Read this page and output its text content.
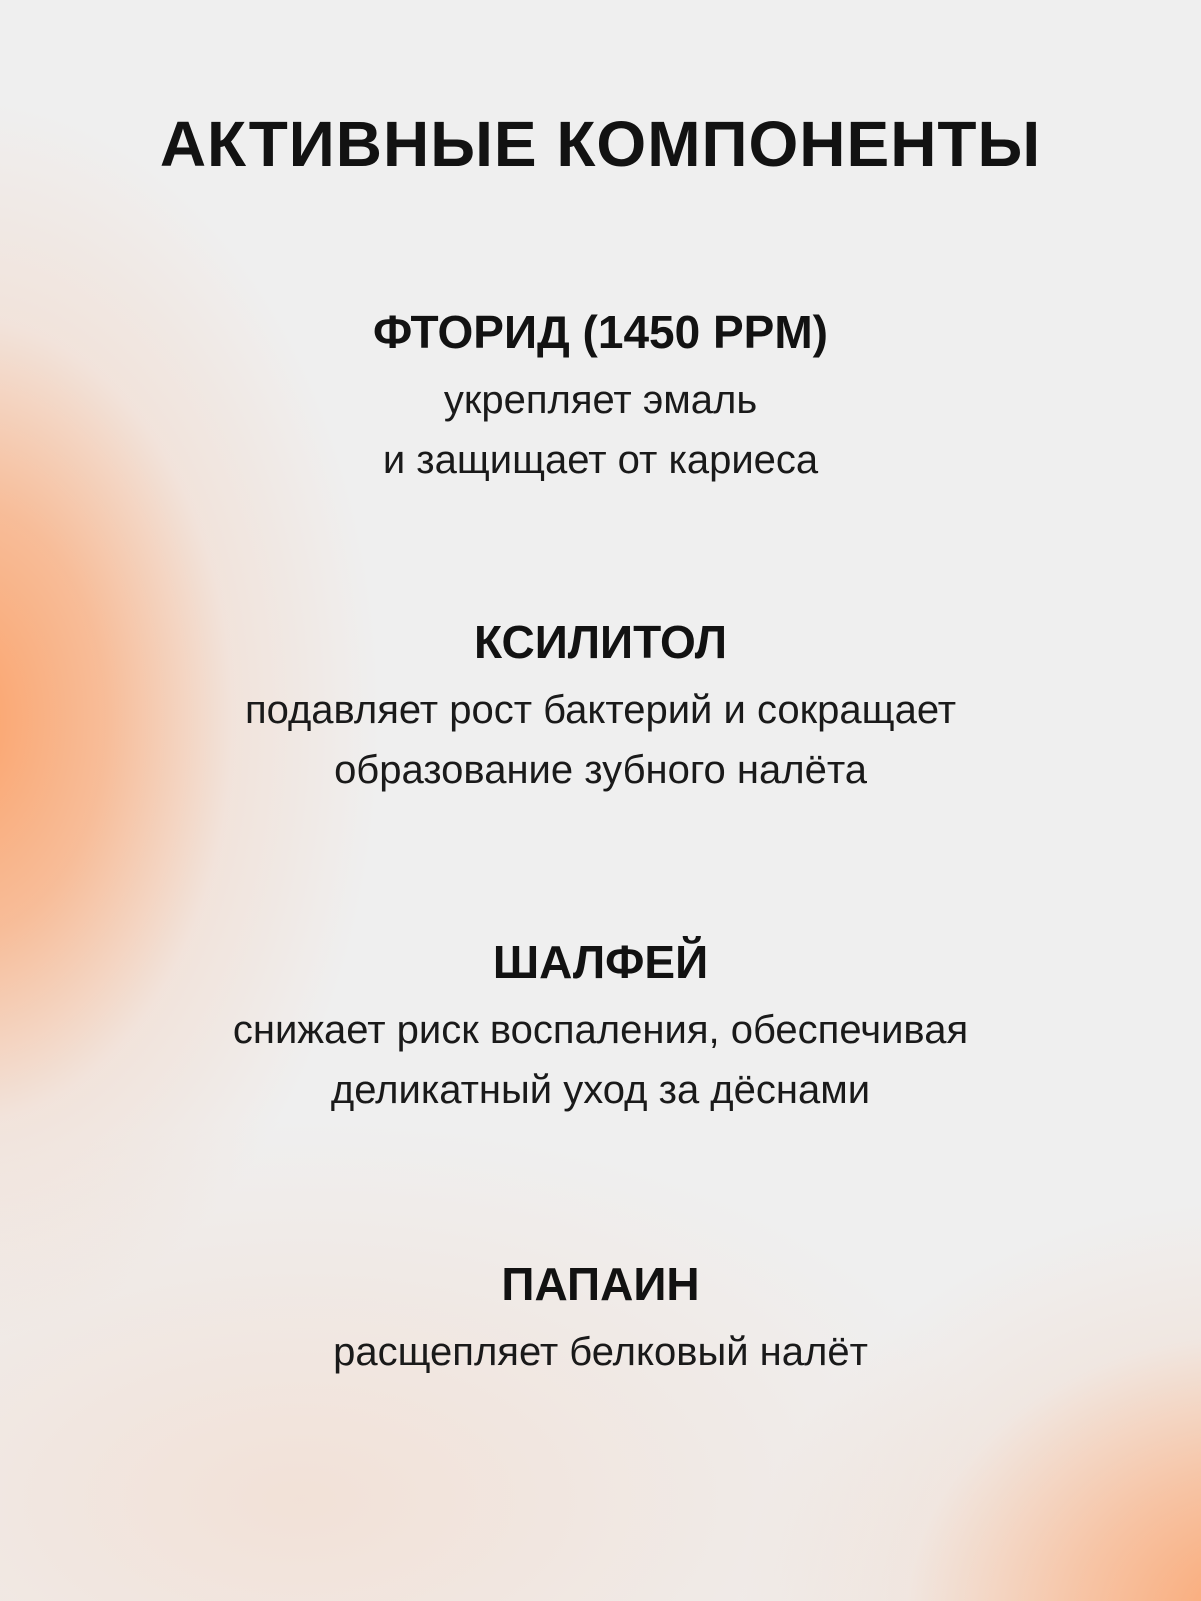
АКТИВНЫЕ КОМПОНЕНТЫ
ФТОРИД (1450 PPM)

укрепляет эмаль
и защищает от кариеса

КСИЛИТОЛ

подавляет рост бактерий и сокращает
образование зубного налёта

ШАЛФЕЙ

снижает риск воспаления, обеспечивая
деликатный уход за дёснами

ПАПАИН

расщепляет белковый налёт
